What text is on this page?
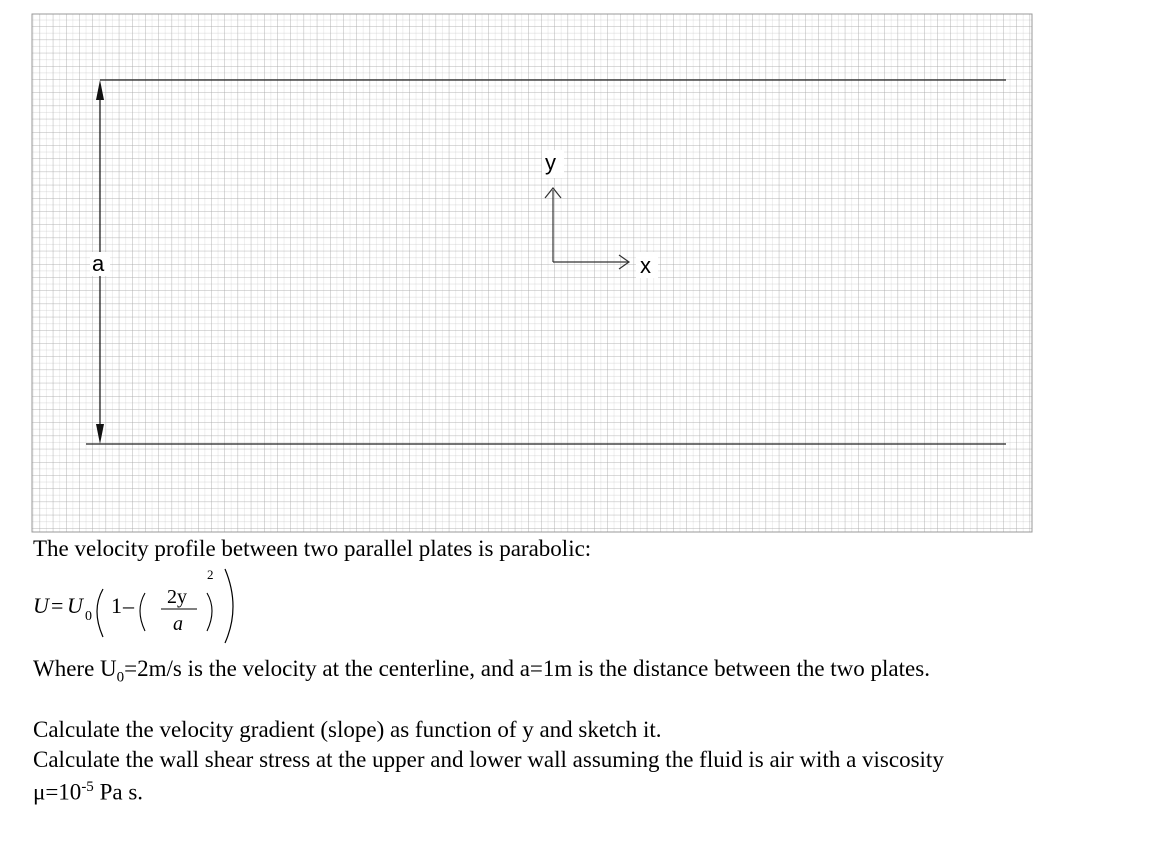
a
y
x
The velocity profile between two parallel plates is parabolic:
U = U 0 1 – 2y
a
2
Where $U_0=2m/s$ is the velocity at the centerline, and a=1m is the distance between the two plates.
Calculate the velocity gradient (slope) as function of y and sketch it.
Calculate the wall shear stress at the upper and lower wall assuming the fluid is air with a viscosity
$\mu=10^{-5}$ Pa s.
